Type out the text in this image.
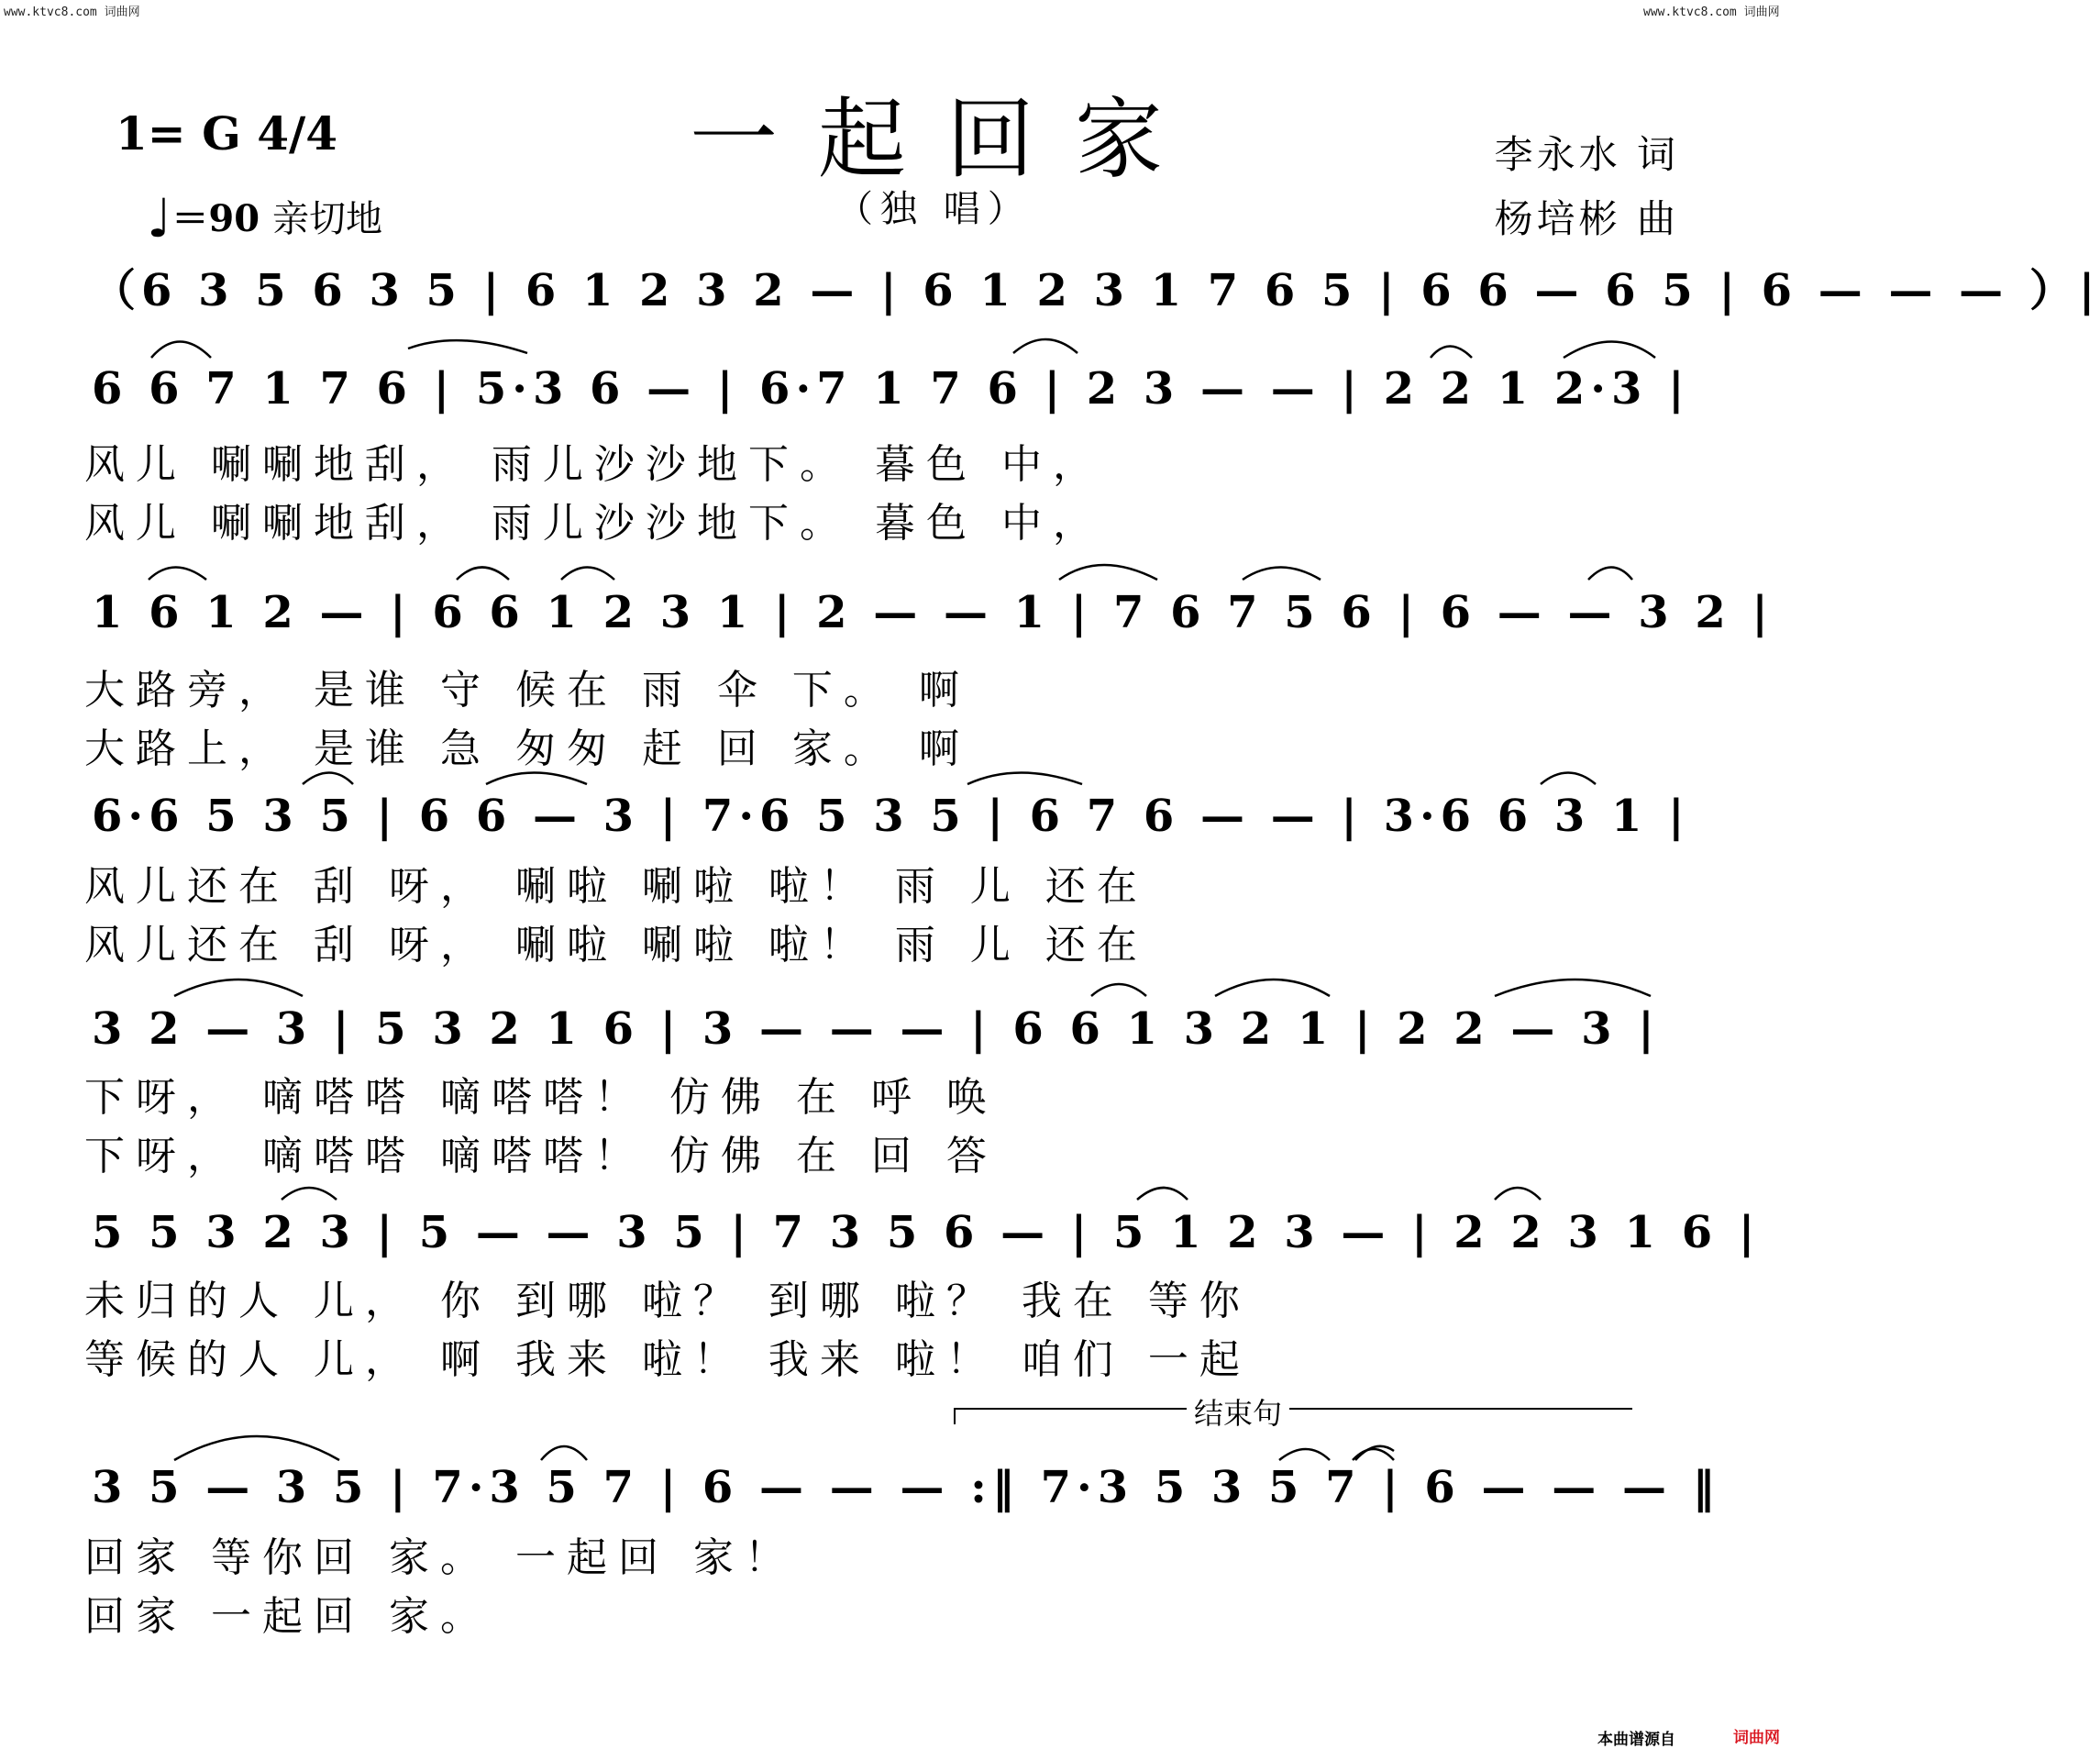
www.ktvc8.com 词曲网	www.ktvc8.com 词曲网
1= G 4/4
♩＝90 亲切地
一起回家
（独 唱）
李永水 词
杨培彬 曲
（6 3 5 6 3 5 | 6 1 2 3 2 — | 6 1 2 3 1 7 6 5 | 6 6 — 6 5 | 6 — — — ）|
6 6 7 1 7 6 | 5·3 6 — | 6·7 1 7 6 | 2 3 — — | 2 2 1 2·3 |
风儿 唰唰地刮， 雨儿沙沙地下。 暮色 中，
风儿 唰唰地刮， 雨儿沙沙地下。 暮色 中，
1 6 1 2 — | 6 6 1 2 3 1 | 2 — — 1 | 7 6 7 5 6 | 6 — — 3 2 |
大路旁， 是谁 守 候在 雨 伞 下。 啊
大路上， 是谁 急 匆匆 赶 回 家。 啊
6·6 5 3 5 | 6 6 — 3 | 7·6 5 3 5 | 6 7 6 — — | 3·6 6 3 1 |
风儿还在 刮 呀， 唰啦 唰啦 啦！ 雨 儿 还在
风儿还在 刮 呀， 唰啦 唰啦 啦！ 雨 儿 还在
3 2 — 3 | 5 3 2 1 6 | 3 — — — | 6 6 1 3 2 1 | 2 2 — 3 |
下呀， 嘀嗒嗒 嘀嗒嗒！ 仿佛 在 呼 唤
下呀， 嘀嗒嗒 嘀嗒嗒！ 仿佛 在 回 答
5 5 3 2 3 | 5 — — 3 5 | 7 3 5 6 — | 5 1 2 3 — | 2 2 3 1 6 |
未归的人 儿， 你 到哪 啦？ 到哪 啦？ 我在 等你
等候的人 儿， 啊 我来 啦！ 我来 啦！ 咱们 一起
结束句
3 5 — 3 5 | 7·3 5 7 | 6 — — — :‖ 7·3 5 3 5 7 | 6 — — — ‖
回家 等你回 家。 一起回 家！
回家 一起回 家。
本曲谱源自	词曲网
